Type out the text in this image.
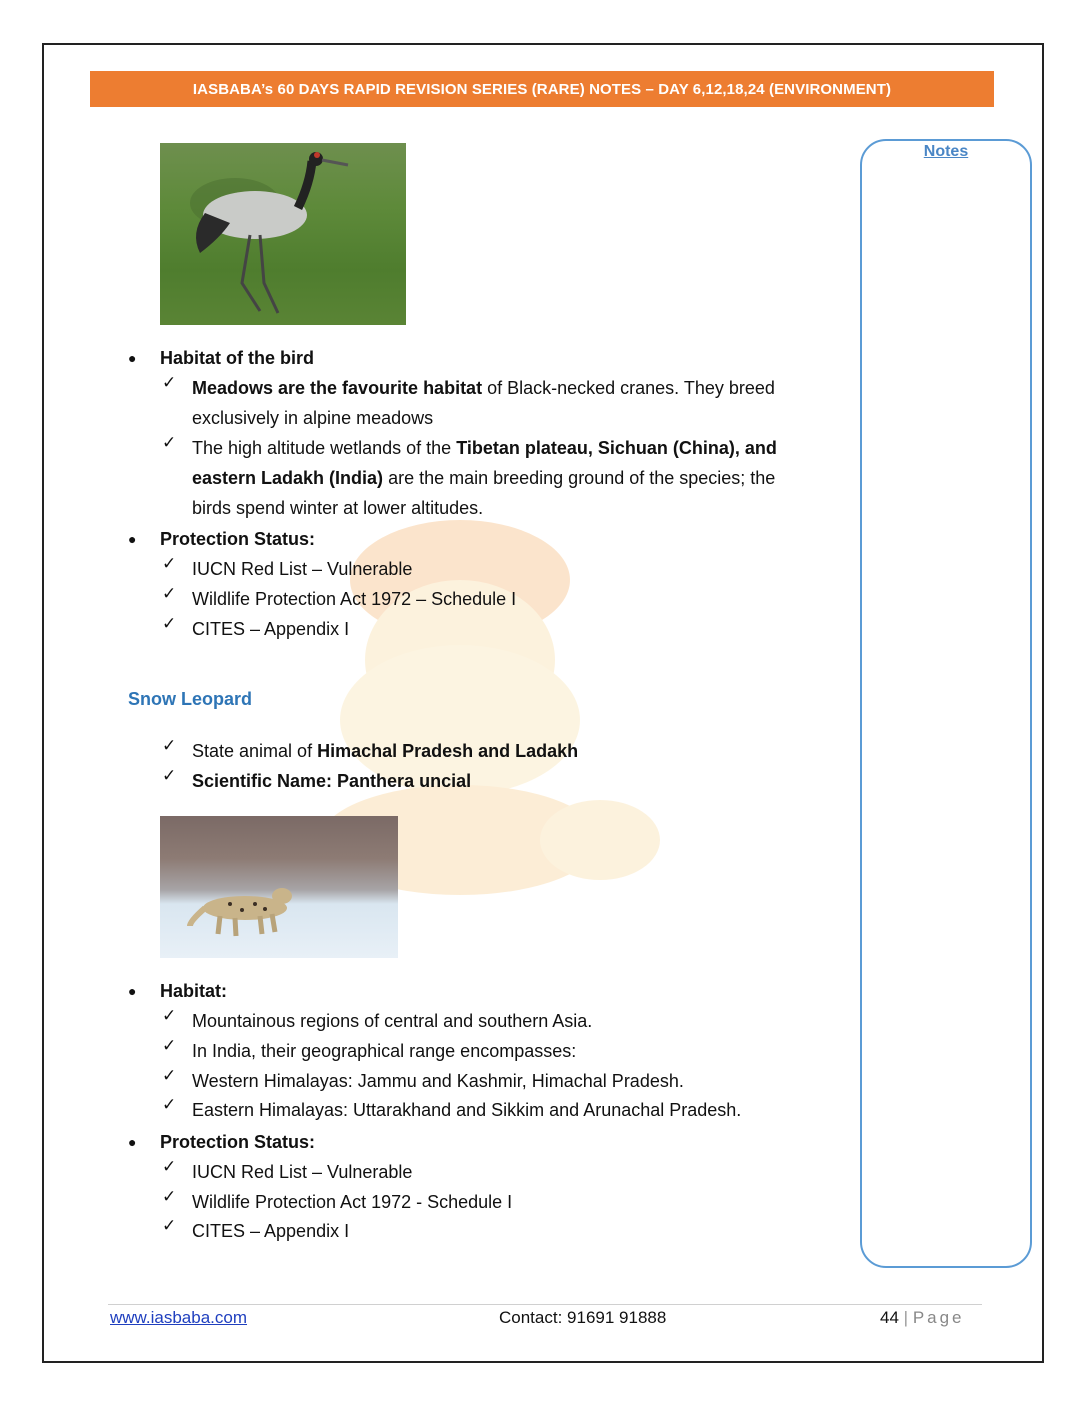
IASBABA’s 60 DAYS RAPID REVISION SERIES (RARE) NOTES – DAY 6,12,18,24 (ENVIRONMENT)
Notes
● Habitat of the bird
✓ Meadows are the favourite habitat of Black-necked cranes. They breed
exclusively in alpine meadows
✓ The high altitude wetlands of the Tibetan plateau, Sichuan (China), and
eastern Ladakh (India) are the main breeding ground of the species; the
birds spend winter at lower altitudes.
● Protection Status:
✓ IUCN Red List – Vulnerable
✓ Wildlife Protection Act 1972 – Schedule I
✓ CITES – Appendix I
Snow Leopard
✓ State animal of Himachal Pradesh and Ladakh
✓ Scientific Name: Panthera uncial
● Habitat:
✓ Mountainous regions of central and southern Asia.
✓ In India, their geographical range encompasses:
✓ Western Himalayas: Jammu and Kashmir, Himachal Pradesh.
✓ Eastern Himalayas: Uttarakhand and Sikkim and Arunachal Pradesh.
● Protection Status:
✓ IUCN Red List – Vulnerable
✓ Wildlife Protection Act 1972 - Schedule I
✓ CITES – Appendix I
www.iasbaba.com	Contact: 91691 91888	44 | Page
